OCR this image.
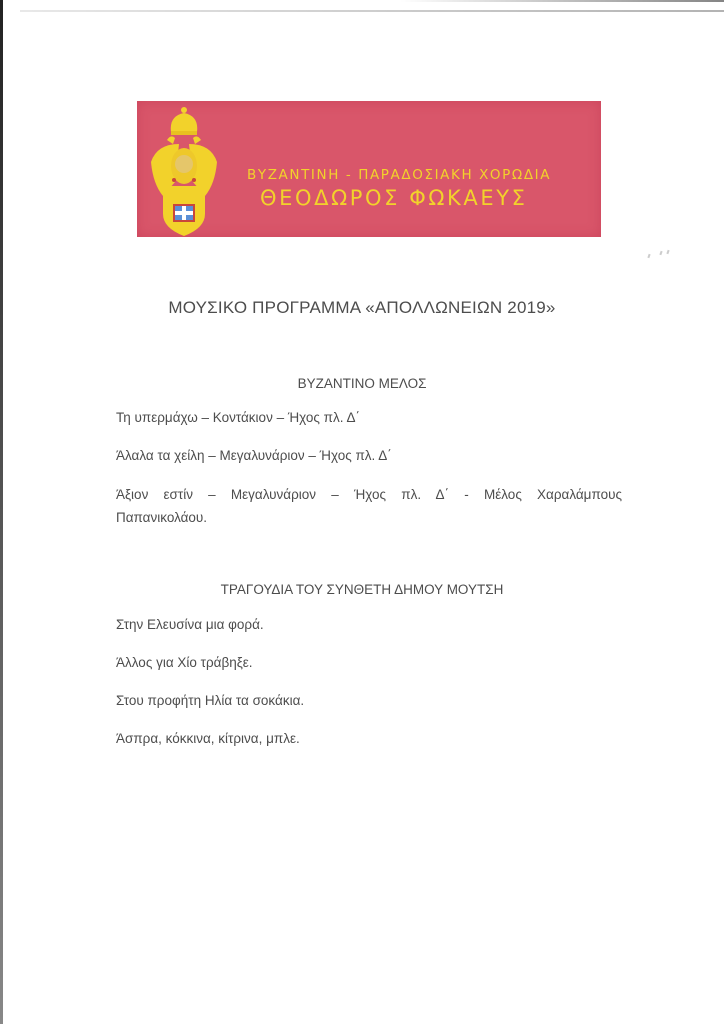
ΒΥΖΑΝΤΙΝΗ - ΠΑΡΑΔΟΣΙΑΚΗ ΧΟΡΩΔΙΑ
ΘΕΟΔΩΡΟΣ ΦΩΚΑΕΥΣ
ΜΟΥΣΙΚΟ ΠΡΟΓΡΑΜΜΑ «ΑΠΟΛΛΩΝΕΙΩΝ 2019»
ΒΥΖΑΝΤΙΝΟ ΜΕΛΟΣ
Τη υπερμάχω – Κοντάκιον – Ήχος πλ. Δ΄
Άλαλα τα χείλη – Μεγαλυνάριον – Ήχος πλ. Δ΄
Άξιον εστίν – Μεγαλυνάριον – Ήχος πλ. Δ΄ - Μέλος Χαραλάμπους Παπανικολάου.
ΤΡΑΓΟΥΔΙΑ ΤΟΥ ΣΥΝΘΕΤΗ ΔΗΜΟΥ ΜΟΥΤΣΗ
Στην Ελευσίνα μια φορά.
Άλλος για Χίο τράβηξε.
Στου προφήτη Ηλία τα σοκάκια.
Άσπρα, κόκκινα, κίτρινα, μπλε.
